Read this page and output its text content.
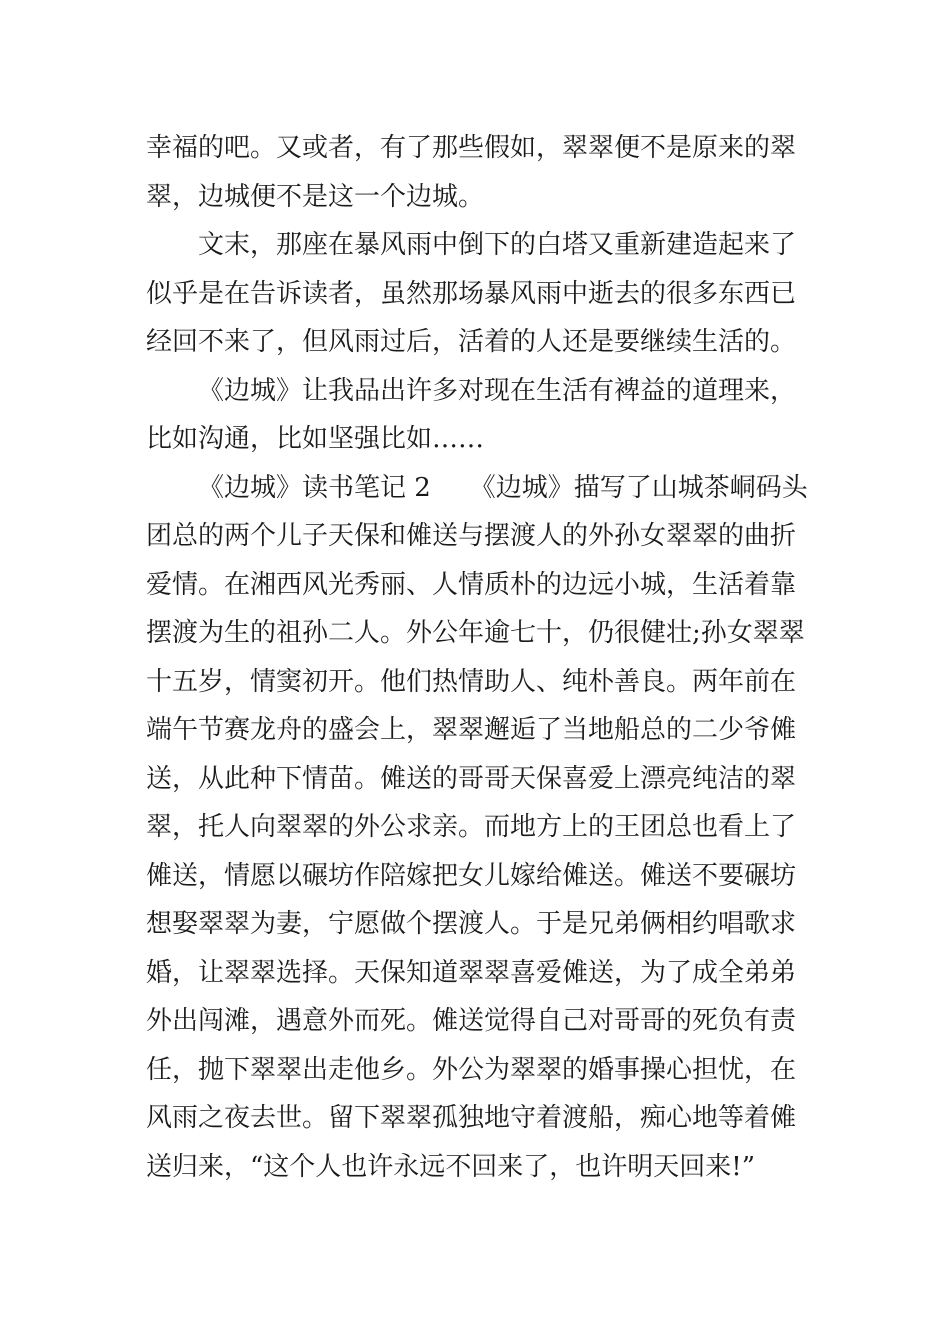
幸福的吧。又或者，有了那些假如，翠翠便不是原来的翠
翠，边城便不是这一个边城。
文末，那座在暴风雨中倒下的白塔又重新建造起来了
似乎是在告诉读者，虽然那场暴风雨中逝去的很多东西已
经回不来了，但风雨过后，活着的人还是要继续生活的。
《边城》让我品出许多对现在生活有裨益的道理来，
比如沟通，比如坚强比如……
《边城》读书笔记 2　　《边城》描写了山城茶峒码头
团总的两个儿子天保和傩送与摆渡人的外孙女翠翠的曲折
爱情。在湘西风光秀丽、人情质朴的边远小城，生活着靠
摆渡为生的祖孙二人。外公年逾七十，仍很健壮;孙女翠翠
十五岁，情窦初开。他们热情助人、纯朴善良。两年前在
端午节赛龙舟的盛会上，翠翠邂逅了当地船总的二少爷傩
送，从此种下情苗。傩送的哥哥天保喜爱上漂亮纯洁的翠
翠，托人向翠翠的外公求亲。而地方上的王团总也看上了
傩送，情愿以碾坊作陪嫁把女儿嫁给傩送。傩送不要碾坊
想娶翠翠为妻，宁愿做个摆渡人。于是兄弟俩相约唱歌求
婚，让翠翠选择。天保知道翠翠喜爱傩送，为了成全弟弟
外出闯滩，遇意外而死。傩送觉得自己对哥哥的死负有责
任，抛下翠翠出走他乡。外公为翠翠的婚事操心担忧，在
风雨之夜去世。留下翠翠孤独地守着渡船，痴心地等着傩
送归来，“这个人也许永远不回来了，也许明天回来!”
